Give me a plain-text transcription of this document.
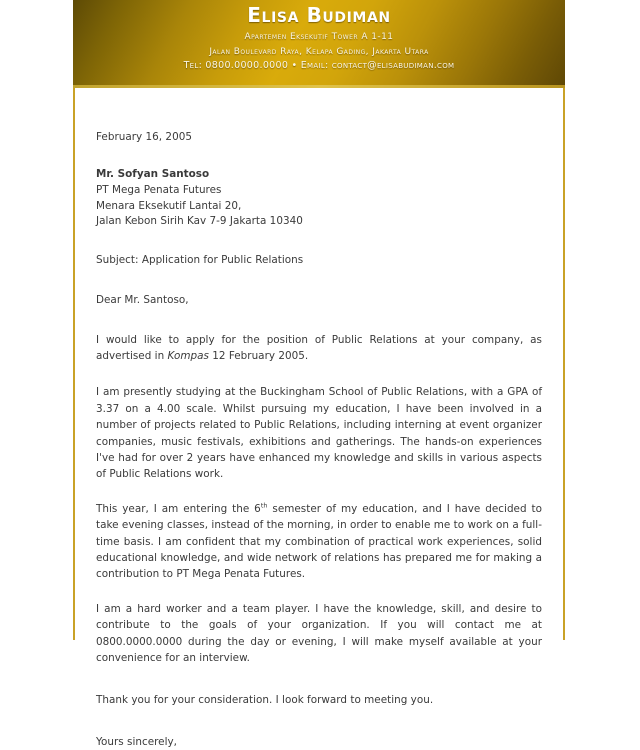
Elisa Budiman
Apartemen Eksekutif Tower A 1-11
Jalan Boulevard Raya, Kelapa Gading, Jakarta Utara
Tel: 0800.0000.0000 • Email: contact@elisabudiman.com
February 16, 2005
Mr. Sofyan Santoso
PT Mega Penata Futures
Menara Eksekutif Lantai 20,
Jalan Kebon Sirih Kav 7-9 Jakarta 10340
Subject: Application for Public Relations
Dear Mr. Santoso,

I would like to apply for the position of Public Relations at your company, as advertised in Kompas 12 February 2005.

I am presently studying at the Buckingham School of Public Relations, with a GPA of 3.37 on a 4.00 scale. Whilst pursuing my education, I have been involved in a number of projects related to Public Relations, including interning at event organizer companies, music festivals, exhibitions and gatherings. The hands-on experiences I've had for over 2 years have enhanced my knowledge and skills in various aspects of Public Relations work.

This year, I am entering the 6th semester of my education, and I have decided to take evening classes, instead of the morning, in order to enable me to work on a full-time basis. I am confident that my combination of practical work experiences, solid educational knowledge, and wide network of relations has prepared me for making a contribution to PT Mega Penata Futures.

I am a hard worker and a team player. I have the knowledge, skill, and desire to contribute to the goals of your organization. If you will contact me at 0800.0000.0000 during the day or evening, I will make myself available at your convenience for an interview.

Thank you for your consideration. I look forward to meeting you.
Yours sincerely,
